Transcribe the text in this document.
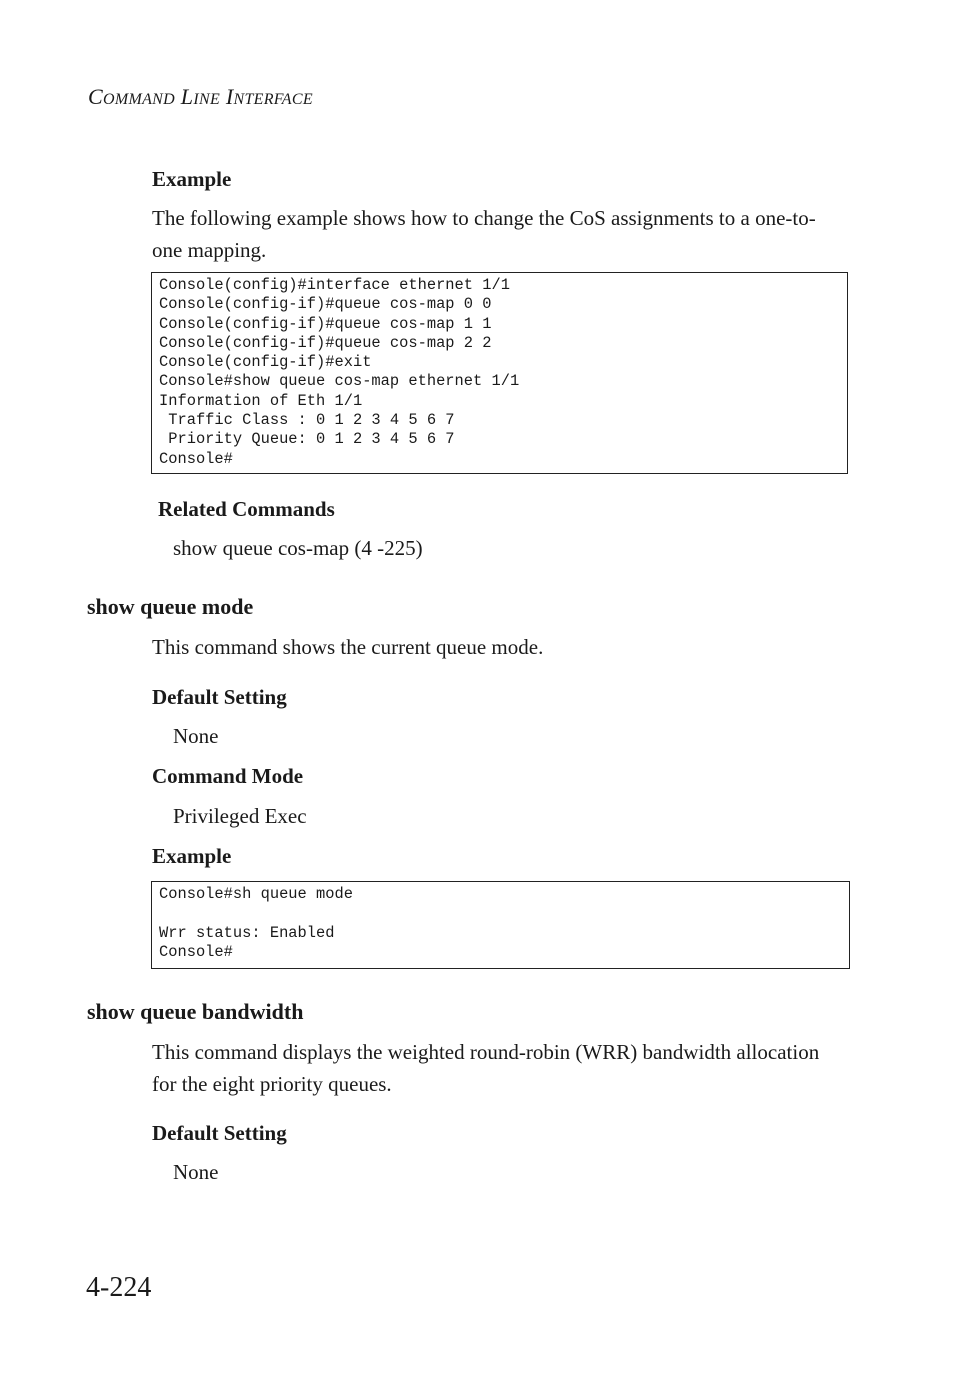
COMMAND LINE INTERFACE
Example
The following example shows how to change the CoS assignments to a one-to-one mapping.
Console(config)#interface ethernet 1/1
Console(config-if)#queue cos-map 0 0
Console(config-if)#queue cos-map 1 1
Console(config-if)#queue cos-map 2 2
Console(config-if)#exit
Console#show queue cos-map ethernet 1/1
Information of Eth 1/1
Traffic Class : 0 1 2 3 4 5 6 7
Priority Queue: 0 1 2 3 4 5 6 7
Console#
Related Commands
show queue cos-map (4 -225)
show queue mode
This command shows the current queue mode.
Default Setting
None
Command Mode
Privileged Exec
Example
Console#sh queue mode

Wrr status: Enabled
Console#
show queue bandwidth
This command displays the weighted round-robin (WRR) bandwidth allocation for the eight priority queues.
Default Setting
None
4-224
